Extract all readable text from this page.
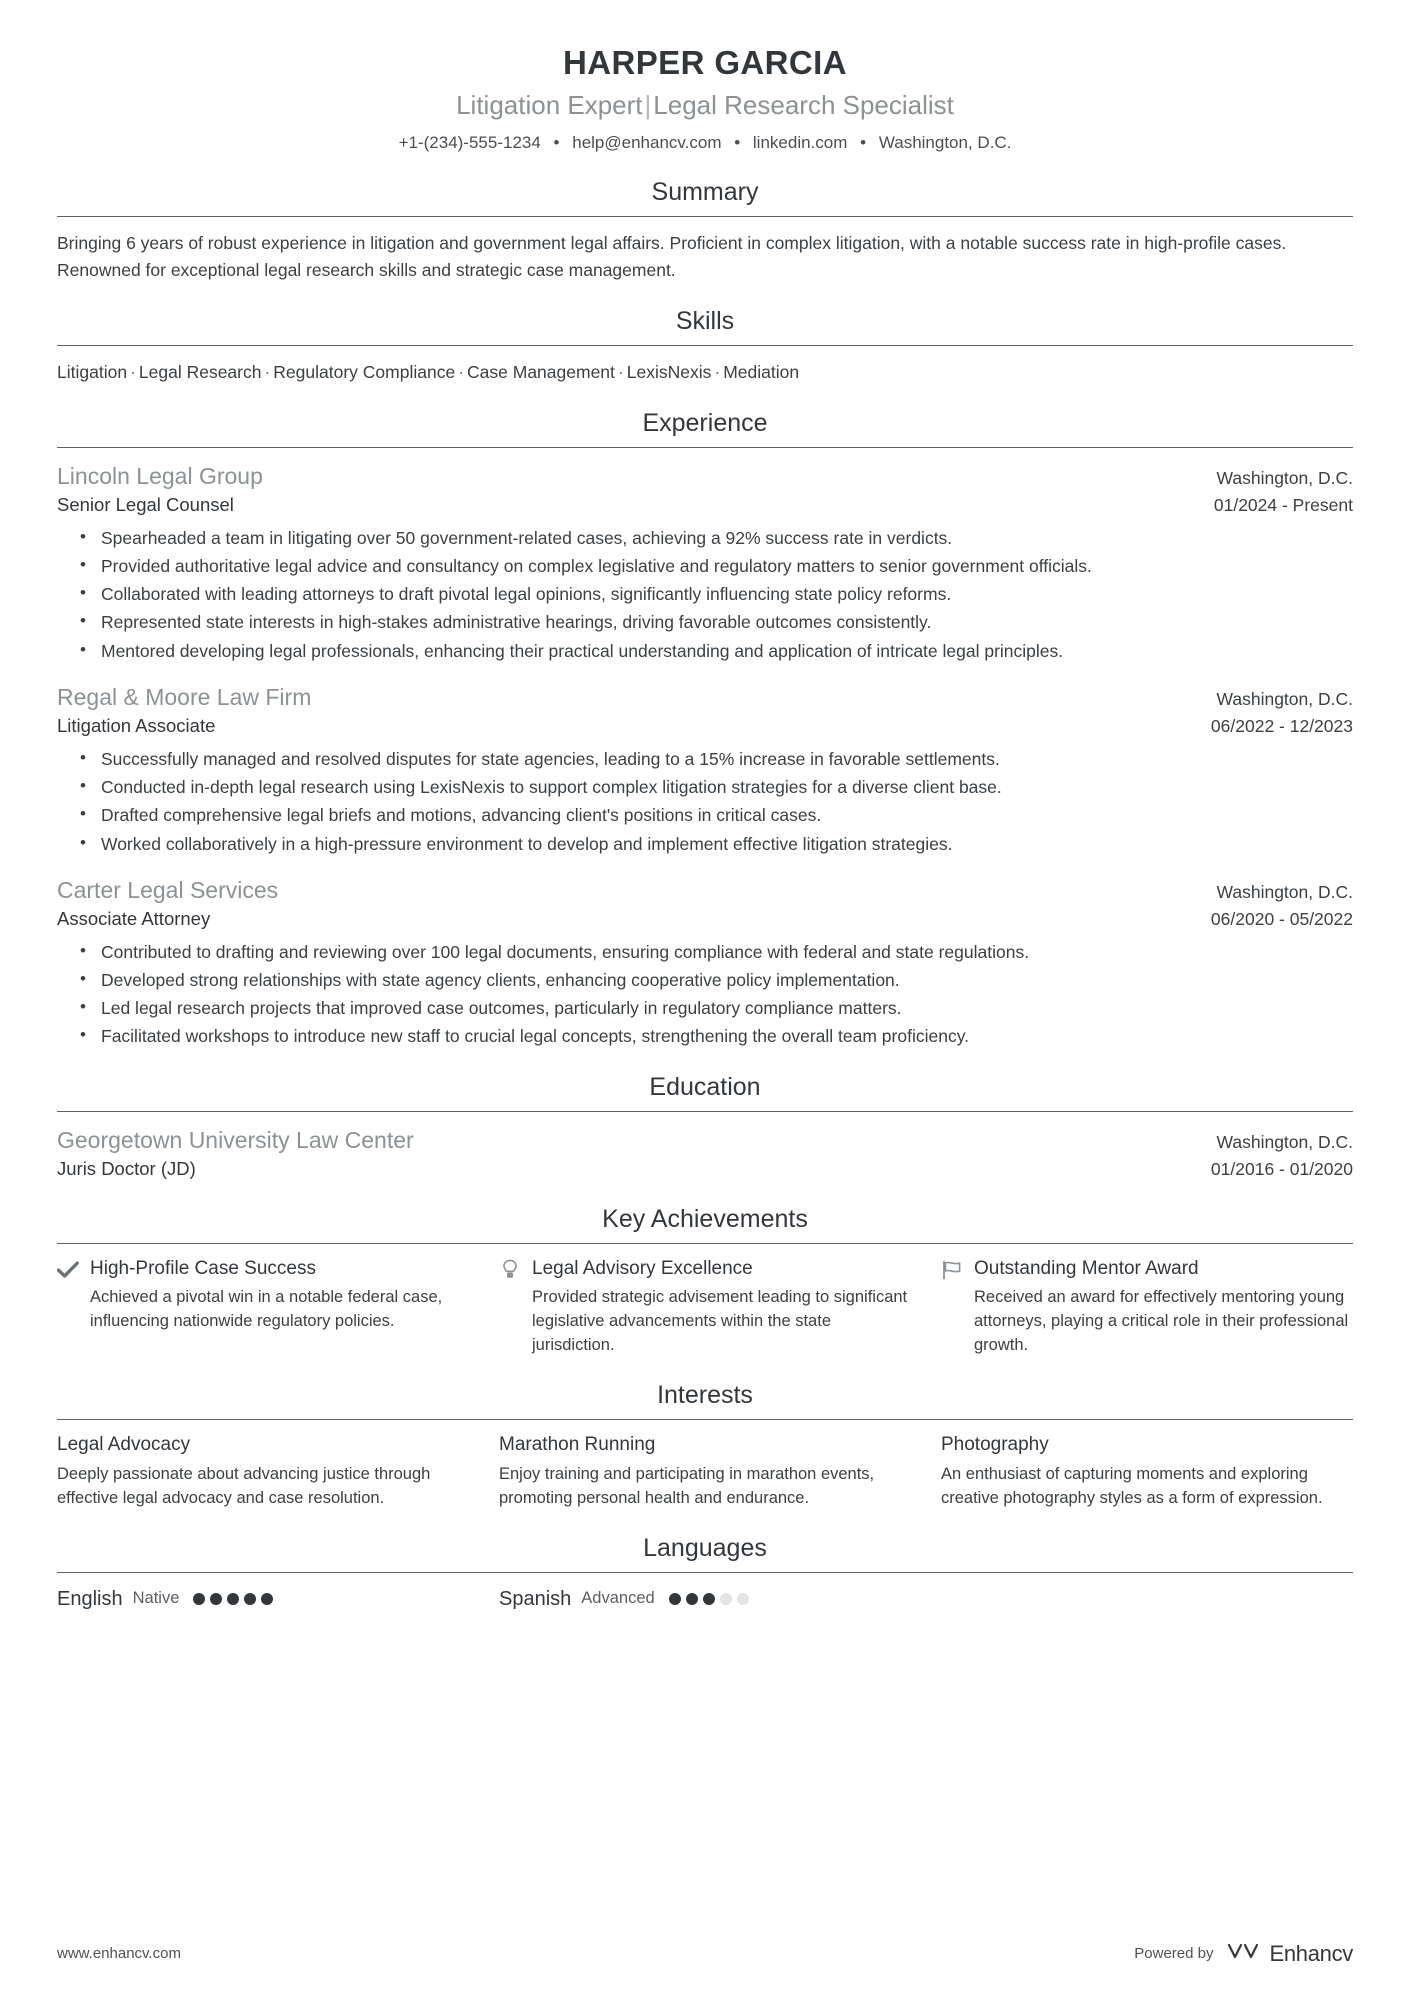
HARPER GARCIA
Litigation Expert|Legal Research Specialist
+1-(234)-555-1234 • help@enhancv.com • linkedin.com • Washington, D.C.
Summary
Bringing 6 years of robust experience in litigation and government legal affairs. Proficient in complex litigation, with a notable success rate in high-profile cases. Renowned for exceptional legal research skills and strategic case management.
Skills
Litigation · Legal Research · Regulatory Compliance · Case Management · LexisNexis · Mediation
Experience
Lincoln Legal Group	Washington, D.C.
Senior Legal Counsel	01/2024 - Present
• Spearheaded a team in litigating over 50 government-related cases, achieving a 92% success rate in verdicts.
• Provided authoritative legal advice and consultancy on complex legislative and regulatory matters to senior government officials.
• Collaborated with leading attorneys to draft pivotal legal opinions, significantly influencing state policy reforms.
• Represented state interests in high-stakes administrative hearings, driving favorable outcomes consistently.
• Mentored developing legal professionals, enhancing their practical understanding and application of intricate legal principles.
Regal & Moore Law Firm	Washington, D.C.
Litigation Associate	06/2022 - 12/2023
• Successfully managed and resolved disputes for state agencies, leading to a 15% increase in favorable settlements.
• Conducted in-depth legal research using LexisNexis to support complex litigation strategies for a diverse client base.
• Drafted comprehensive legal briefs and motions, advancing client's positions in critical cases.
• Worked collaboratively in a high-pressure environment to develop and implement effective litigation strategies.
Carter Legal Services	Washington, D.C.
Associate Attorney	06/2020 - 05/2022
• Contributed to drafting and reviewing over 100 legal documents, ensuring compliance with federal and state regulations.
• Developed strong relationships with state agency clients, enhancing cooperative policy implementation.
• Led legal research projects that improved case outcomes, particularly in regulatory compliance matters.
• Facilitated workshops to introduce new staff to crucial legal concepts, strengthening the overall team proficiency.
Education
Georgetown University Law Center	Washington, D.C.
Juris Doctor (JD)	01/2016 - 01/2020
Key Achievements
High-Profile Case Success
Achieved a pivotal win in a notable federal case, influencing nationwide regulatory policies.
Legal Advisory Excellence
Provided strategic advisement leading to significant legislative advancements within the state jurisdiction.
Outstanding Mentor Award
Received an award for effectively mentoring young attorneys, playing a critical role in their professional growth.
Interests
Legal Advocacy
Deeply passionate about advancing justice through effective legal advocacy and case resolution.
Marathon Running
Enjoy training and participating in marathon events, promoting personal health and endurance.
Photography
An enthusiast of capturing moments and exploring creative photography styles as a form of expression.
Languages
English Native	Spanish Advanced
www.enhancv.com	Powered by	Enhancv
